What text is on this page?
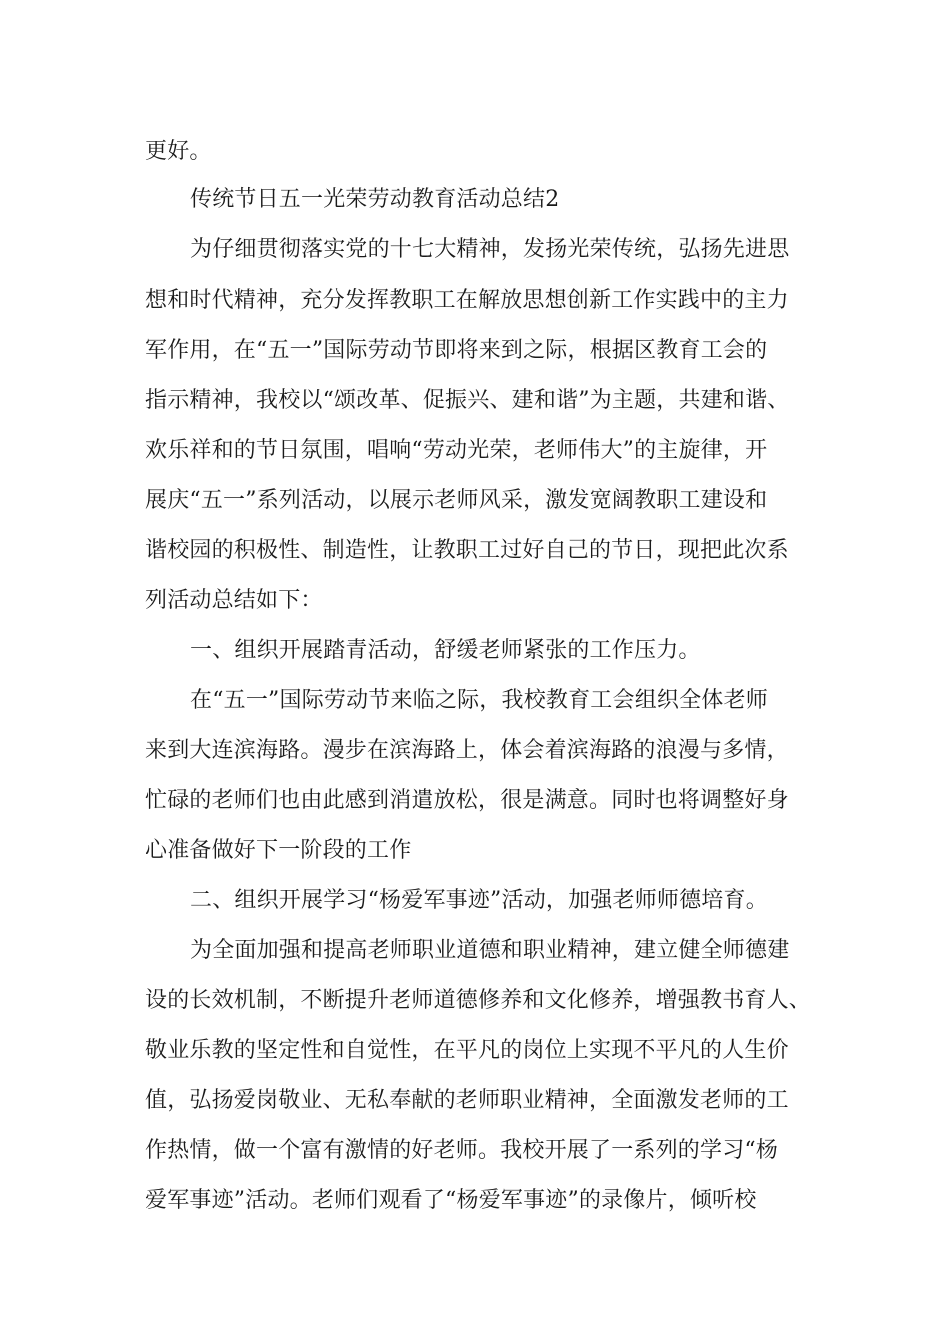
更好。
传统节日五一光荣劳动教育活动总结2
为仔细贯彻落实党的十七大精神，发扬光荣传统，弘扬先进思
想和时代精神，充分发挥教职工在解放思想创新工作实践中的主力
军作用，在“五一”国际劳动节即将来到之际，根据区教育工会的
指示精神，我校以“颂改革、促振兴、建和谐”为主题，共建和谐、
欢乐祥和的节日氛围，唱响“劳动光荣，老师伟大”的主旋律，开
展庆“五一”系列活动，以展示老师风采，激发宽阔教职工建设和
谐校园的积极性、制造性，让教职工过好自己的节日，现把此次系
列活动总结如下：
一、组织开展踏青活动，舒缓老师紧张的工作压力。
在“五一”国际劳动节来临之际，我校教育工会组织全体老师
来到大连滨海路。漫步在滨海路上，体会着滨海路的浪漫与多情，
忙碌的老师们也由此感到消遣放松，很是满意。同时也将调整好身
心准备做好下一阶段的工作
二、组织开展学习“杨爱军事迹”活动，加强老师师德培育。
为全面加强和提高老师职业道德和职业精神，建立健全师德建
设的长效机制，不断提升老师道德修养和文化修养，增强教书育人、
敬业乐教的坚定性和自觉性，在平凡的岗位上实现不平凡的人生价
值，弘扬爱岗敬业、无私奉献的老师职业精神，全面激发老师的工
作热情，做一个富有激情的好老师。我校开展了一系列的学习“杨
爱军事迹”活动。老师们观看了“杨爱军事迹”的录像片，倾听校
